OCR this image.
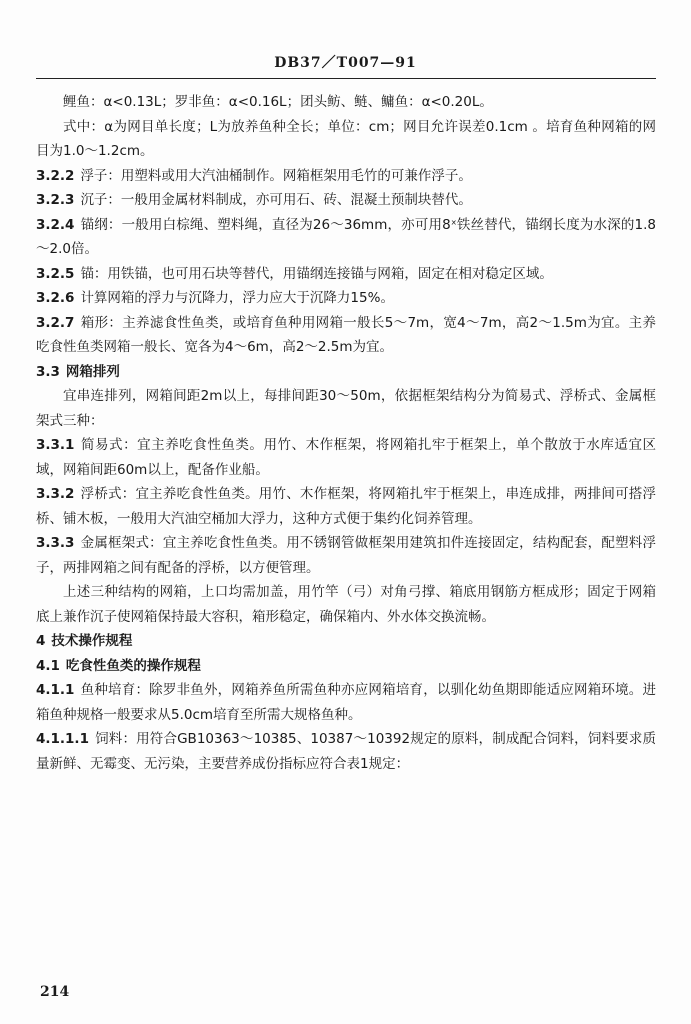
DB37／T007—91

鲤鱼：α<0.13L；罗非鱼：α<0.16L；团头鲂、鲢、鳙鱼：α<0.20L。

式中：α为网目单长度；L为放养鱼种全长；单位：cm；网目允许误差0.1cm 。培育鱼种网箱的网目为1.0～1.2cm。

3.2.2 浮子：用塑料或用大汽油桶制作。网箱框架用毛竹的可兼作浮子。

3.2.3 沉子：一般用金属材料制成，亦可用石、砖、混凝土预制块替代。

3.2.4 锚纲：一般用白棕绳、塑料绳，直径为26～36mm，亦可用8ˣ铁丝替代，锚纲长度为水深的1.8～2.0倍。

3.2.5 锚：用铁锚，也可用石块等替代，用锚纲连接锚与网箱，固定在相对稳定区域。

3.2.6 计算网箱的浮力与沉降力，浮力应大于沉降力15%。

3.2.7 箱形：主养滤食性鱼类，或培育鱼种用网箱一般长5～7m，宽4～7m，高2～1.5m为宜。主养吃食性鱼类网箱一般长、宽各为4～6m，高2～2.5m为宜。

3.3 网箱排列

宜串连排列，网箱间距2m以上，每排间距30～50m，依据框架结构分为简易式、浮桥式、金属框架式三种：

3.3.1 简易式：宜主养吃食性鱼类。用竹、木作框架，将网箱扎牢于框架上，单个散放于水库适宜区域，网箱间距60m以上，配备作业船。

3.3.2 浮桥式：宜主养吃食性鱼类。用竹、木作框架，将网箱扎牢于框架上，串连成排，两排间可搭浮桥、铺木板，一般用大汽油空桶加大浮力，这种方式便于集约化饲养管理。

3.3.3 金属框架式：宜主养吃食性鱼类。用不锈钢管做框架用建筑扣件连接固定，结构配套，配塑料浮子，两排网箱之间有配备的浮桥，以方便管理。

上述三种结构的网箱，上口均需加盖，用竹竿（弓）对角弓撑、箱底用钢筋方框成形；固定于网箱底上兼作沉子使网箱保持最大容积，箱形稳定，确保箱内、外水体交换流畅。

4 技术操作规程

4.1 吃食性鱼类的操作规程

4.1.1 鱼种培育：除罗非鱼外，网箱养鱼所需鱼种亦应网箱培育，以驯化幼鱼期即能适应网箱环境。进箱鱼种规格一般要求从5.0cm培育至所需大规格鱼种。

4.1.1.1 饲料：用符合GB10363～10385、10387～10392规定的原料，制成配合饲料，饲料要求质量新鲜、无霉变、无污染，主要营养成份指标应符合表1规定：

214
